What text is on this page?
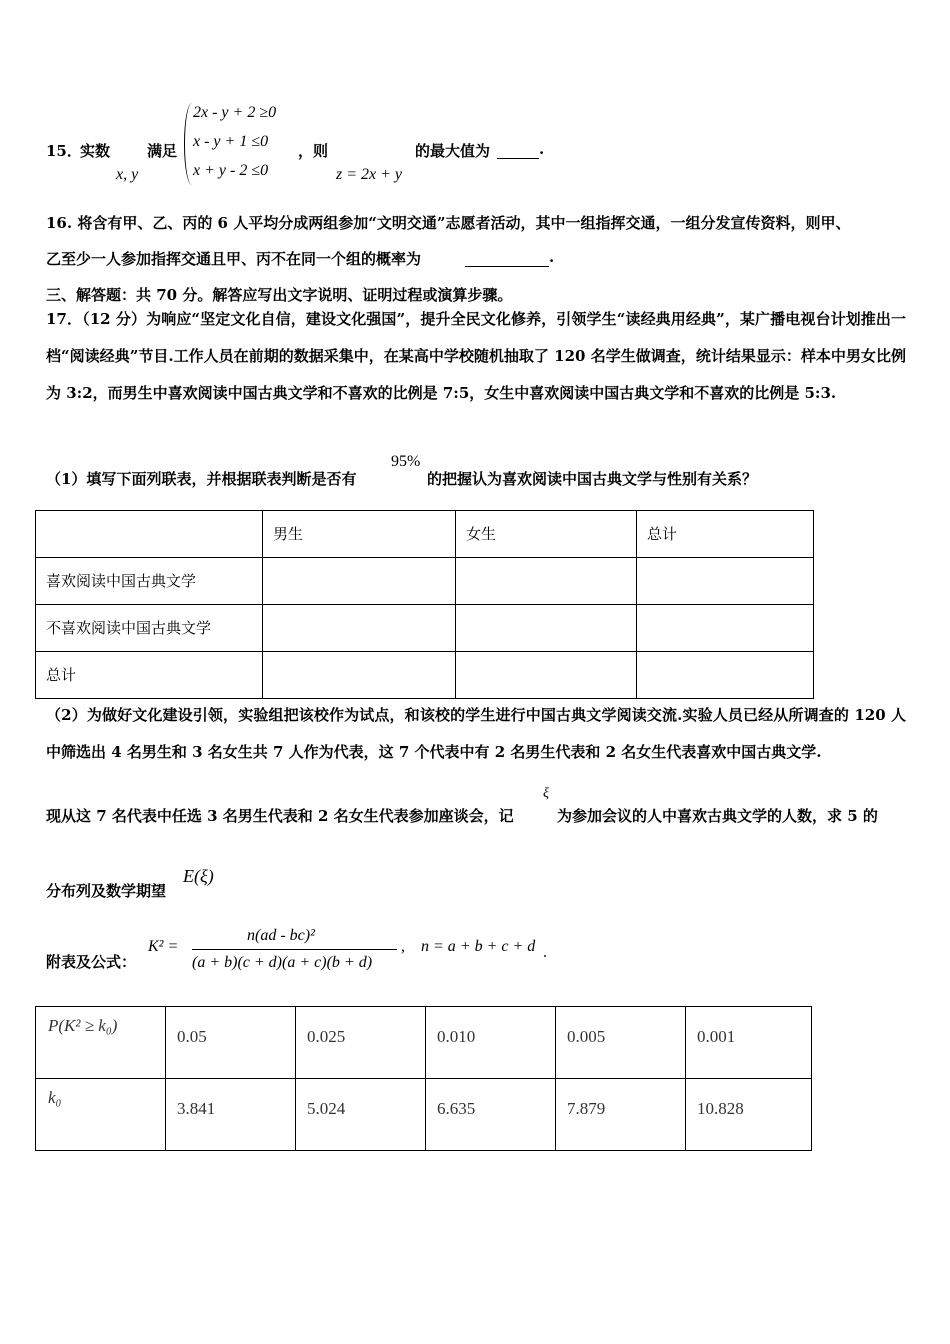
15．
实数
x, y
满足
2x - y + 2 ≥0
x - y + 1 ≤0
x + y - 2 ≤0
，则
z = 2x + y
的最大值为	.
16. 将含有甲、乙、丙的 6 人平均分成两组参加“文明交通”志愿者活动，其中一组指挥交通，一组分发宣传资料，则甲、
乙至少一人参加指挥交通且甲、丙不在同一个组的概率为	.
三、解答题：共 70 分。解答应写出文字说明、证明过程或演算步骤。
17．（12 分）为响应“坚定文化自信，建设文化强国”，提升全民文化修养，引领学生“读经典用经典”，某广播电视台计划推出一档“阅读经典”节目.工作人员在前期的数据采集中，在某高中学校随机抽取了 120 名学生做调查，统计结果显示：样本中男女比例为 3:2，而男生中喜欢阅读中国古典文学和不喜欢的比例是 7:5，女生中喜欢阅读中国古典文学和不喜欢的比例是 5:3.
（1）填写下面列联表，并根据联表判断是否有
95%
的把握认为喜欢阅读中国古典文学与性别有关系？

	男生	女生	总计

喜欢阅读中国古典文学			

不喜欢阅读中国古典文学			

总计			

（2）为做好文化建设引领，实验组把该校作为试点，和该校的学生进行中国古典文学阅读交流.实验人员已经从所调查的 120 人中筛选出 4 名男生和 3 名女生共 7 人作为代表，这 7 个代表中有 2 名男生代表和 2 名女生代表喜欢中国古典文学.
现从这 7 名代表中任选 3 名男生代表和 2 名女生代表参加座谈会，记
ξ
为参加会议的人中喜欢古典文学的人数，求 5 的
分布列及数学期望
E(ξ)
附表及公式：
K² =
n(ad - bc)²
(a + b)(c + d)(a + c)(b + d)
, n = a + b + c + d .
P(K² ≥ k₀)	0.05	0.025	0.010	0.005	0.001

k₀	3.841	5.024	6.635	7.879	10.828
